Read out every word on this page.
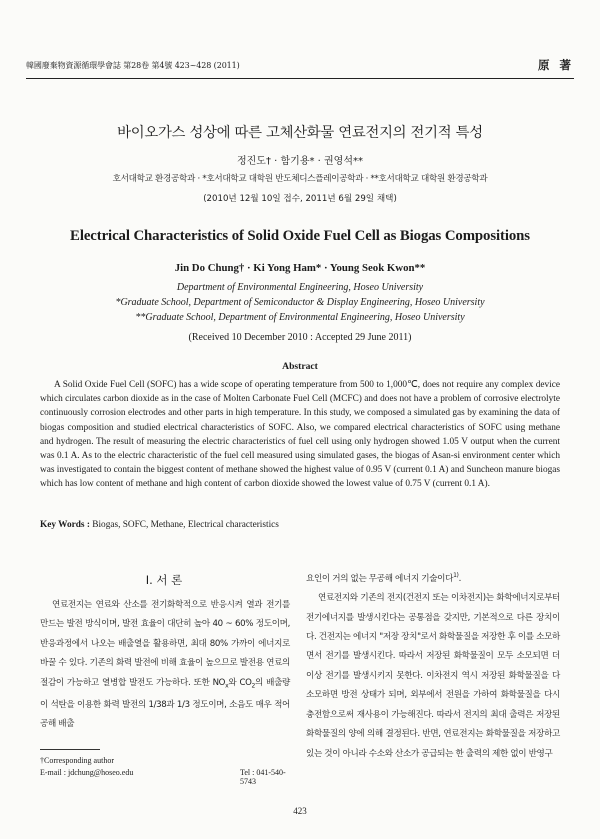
韓國廢棄物資源循環學會誌 第28卷 第4號 423~428 (2011)	原 著
바이오가스 성상에 따른 고체산화물 연료전지의 전기적 특성
정진도† · 함기용* · 권영석**
호서대학교 환경공학과 · *호서대학교 대학원 반도체디스플레이공학과 · **호서대학교 대학원 환경공학과
(2010년 12월 10일 접수, 2011년 6월 29일 채택)
Electrical Characteristics of Solid Oxide Fuel Cell as Biogas Compositions
Jin Do Chung† · Ki Yong Ham* · Young Seok Kwon**
Department of Environmental Engineering, Hoseo University
*Graduate School, Department of Semiconductor & Display Engineering, Hoseo University
**Graduate School, Department of Environmental Engineering, Hoseo University
(Received 10 December 2010 : Accepted 29 June 2011)
Abstract
A Solid Oxide Fuel Cell (SOFC) has a wide scope of operating temperature from 500 to 1,000℃, does not require any complex device which circulates carbon dioxide as in the case of Molten Carbonate Fuel Cell (MCFC) and does not have a problem of corrosive electrolyte continuously corrosion electrodes and other parts in high temperature. In this study, we composed a simulated gas by examining the data of biogas composition and studied electrical characteristics of SOFC. Also, we compared electrical characteristics of SOFC using methane and hydrogen. The result of measuring the electric characteristics of fuel cell using only hydrogen showed 1.05 V output when the current was 0.1 A. As to the electric characteristic of the fuel cell measured using simulated gases, the biogas of Asan-si environment center which was investigated to contain the biggest content of methane showed the highest value of 0.95 V (current 0.1 A) and Suncheon manure biogas which has low content of methane and high content of carbon dioxide showed the lowest value of 0.75 V (current 0.1 A).
Key Words : Biogas, SOFC, Methane, Electrical characteristics
I. 서 론

연료전지는 연료와 산소를 전기화학적으로 반응시켜 열과 전기를 만드는 발전 방식이며, 발전 효율이 대단히 높아 40 ~ 60% 정도이며, 반응과정에서 나오는 배출열을 활용하면, 최대 80% 가까이 에너지로 바꿀 수 있다. 기존의 화력 발전에 비해 효율이 높으므로 발전용 연료의 절감이 가능하고 열병합 발전도 가능하다. 또한 $NO_x$와 $CO_2$의 배출량이 석탄을 이용한 화력 발전의 1/38과 1/3 정도이며, 소음도 매우 적어 공해 배출

요인이 거의 없는 무공해 에너지 기술이다$^{1)}$.

연료전지와 기존의 전지(건전지 또는 이차전지)는 화학에너지로부터 전기에너지를 발생시킨다는 공통점을 갖지만, 기본적으로 다른 장치이다. 건전지는 에너지 "저장 장치"로서 화학물질을 저장한 후 이를 소모하면서 전기를 발생시킨다. 따라서 저장된 화학물질이 모두 소모되면 더 이상 전기를 발생시키지 못한다. 이차전지 역시 저장된 화학물질을 다 소모하면 방전 상태가 되며, 외부에서 전원을 가하여 화학물질을 다시 충전함으로써 재사용이 가능해진다. 따라서 전지의 최대 출력은 저장된 화학물질의 양에 의해 결정된다. 반면, 연료전지는 화학물질을 저장하고 있는 것이 아니라 수소와 산소가 공급되는 한 출력의 제한 없이 반영구

†Corresponding author
E-mail : jdchung@hoseo.edu	Tel : 041-540-5743
423
